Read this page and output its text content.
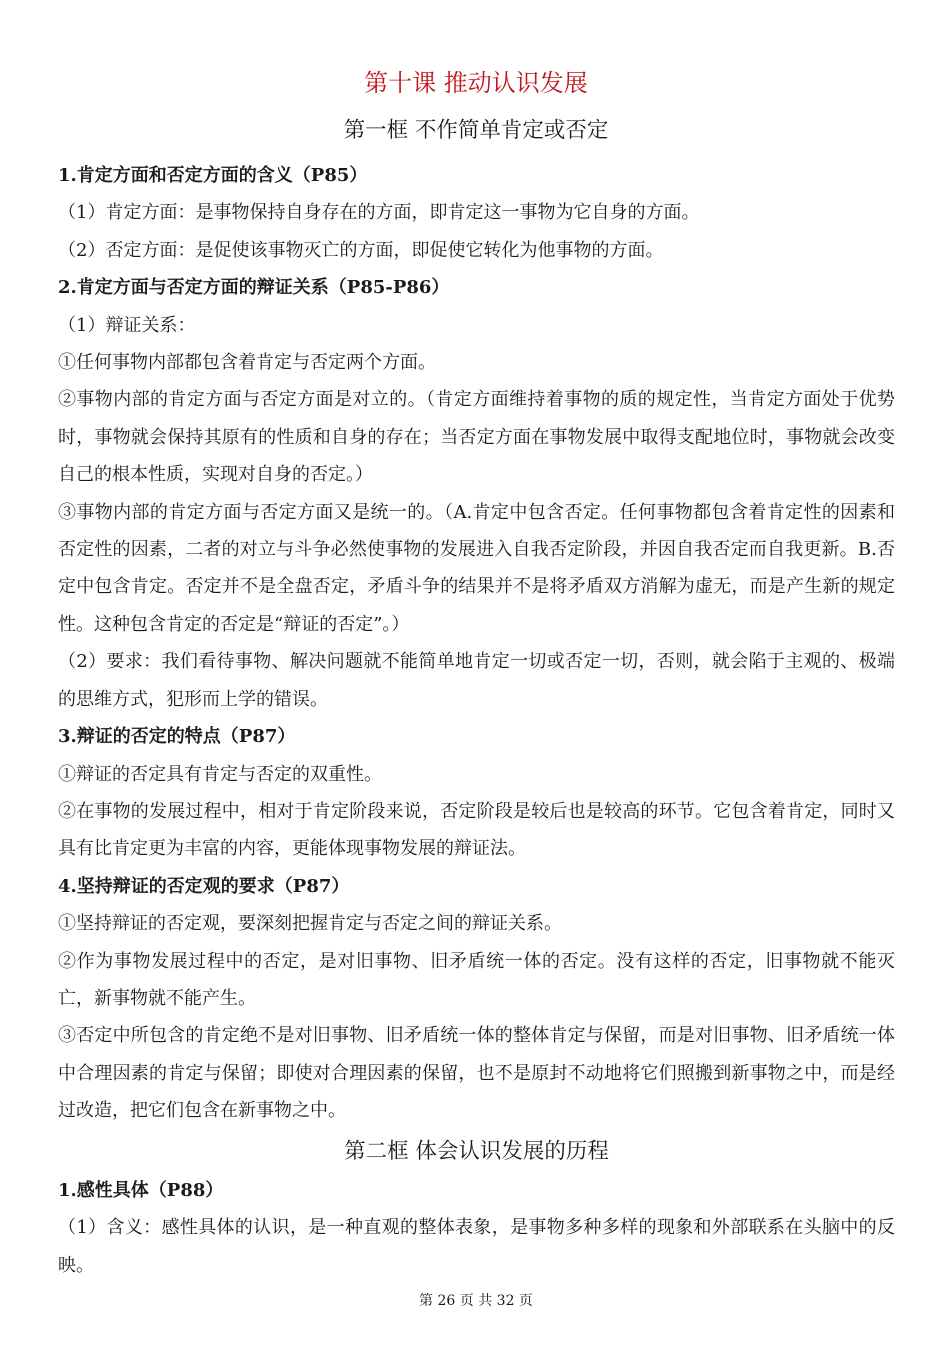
第十课 推动认识发展
第一框 不作简单肯定或否定

1.肯定方面和否定方面的含义（P85）

（1）肯定方面：是事物保持自身存在的方面，即肯定这一事物为它自身的方面。

（2）否定方面：是促使该事物灭亡的方面，即促使它转化为他事物的方面。

2.肯定方面与否定方面的辩证关系（P85-P86）

（1）辩证关系：

①任何事物内部都包含着肯定与否定两个方面。

②事物内部的肯定方面与否定方面是对立的。（肯定方面维持着事物的质的规定性，当肯定方面处于优势时，事物就会保持其原有的性质和自身的存在；当否定方面在事物发展中取得支配地位时，事物就会改变自己的根本性质，实现对自身的否定。）

③事物内部的肯定方面与否定方面又是统一的。（A.肯定中包含否定。任何事物都包含着肯定性的因素和否定性的因素，二者的对立与斗争必然使事物的发展进入自我否定阶段，并因自我否定而自我更新。B.否定中包含肯定。否定并不是全盘否定，矛盾斗争的结果并不是将矛盾双方消解为虚无，而是产生新的规定性。这种包含肯定的否定是“辩证的否定”。）

（2）要求：我们看待事物、解决问题就不能简单地肯定一切或否定一切，否则，就会陷于主观的、极端的思维方式，犯形而上学的错误。

3.辩证的否定的特点（P87）

①辩证的否定具有肯定与否定的双重性。

②在事物的发展过程中，相对于肯定阶段来说，否定阶段是较后也是较高的环节。它包含着肯定，同时又具有比肯定更为丰富的内容，更能体现事物发展的辩证法。

4.坚持辩证的否定观的要求（P87）

①坚持辩证的否定观，要深刻把握肯定与否定之间的辩证关系。

②作为事物发展过程中的否定，是对旧事物、旧矛盾统一体的否定。没有这样的否定，旧事物就不能灭亡，新事物就不能产生。

③否定中所包含的肯定绝不是对旧事物、旧矛盾统一体的整体肯定与保留，而是对旧事物、旧矛盾统一体中合理因素的肯定与保留；即使对合理因素的保留，也不是原封不动地将它们照搬到新事物之中，而是经过改造，把它们包含在新事物之中。

第二框 体会认识发展的历程

1.感性具体（P88）

（1）含义：感性具体的认识，是一种直观的整体表象，是事物多种多样的现象和外部联系在头脑中的反映。

第 26 页 共 32 页
